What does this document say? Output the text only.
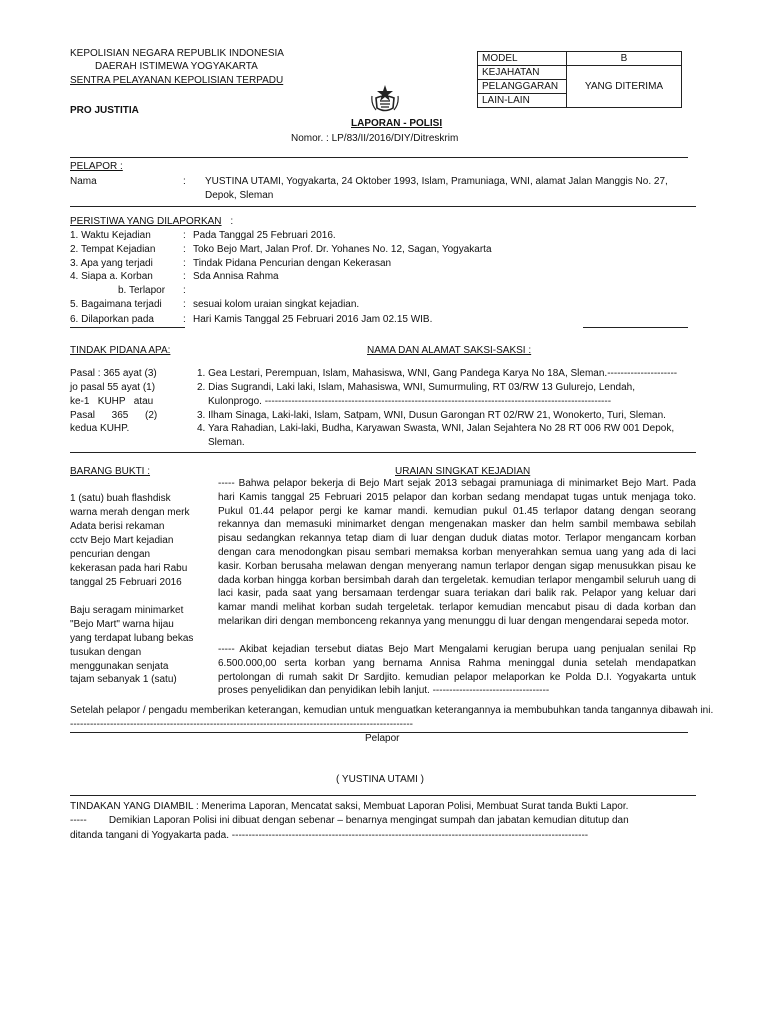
KEPOLISIAN NEGARA REPUBLIK INDONESIA
DAERAH ISTIMEWA YOGYAKARTA
SENTRA PELAYANAN KEPOLISIAN TERPADU
PRO JUSTITIA
LAPORAN - POLISI
Nomor. : LP/83/II/2016/DIY/Ditreskrim
MODEL	B
KEJAHATAN	YANG DITERIMA
PELANGGARAN	
LAIN-LAIN	
PELAPOR :
Nama	: YUSTINA UTAMI, Yogyakarta, 24 Oktober 1993, Islam, Pramuniaga, WNI, alamat Jalan Manggis No. 27,
Depok, Sleman
PERISTIWA YANG DILAPORKAN :
1. Waktu Kejadian	: Pada Tanggal 25 Februari 2016.
2. Tempat Kejadian	: Toko Bejo Mart, Jalan Prof. Dr. Yohanes No. 12, Sagan, Yogyakarta
3. Apa yang terjadi	: Tindak Pidana Pencurian dengan Kekerasan
4. Siapa a. Korban	: Sda Annisa Rahma
b. Terlapor :
5. Bagaimana terjadi : sesuai kolom uraian singkat kejadian.
6. Dilaporkan pada	: Hari Kamis Tanggal 25 Februari 2016 Jam 02.15 WIB.
TINDAK PIDANA APA:	NAMA DAN ALAMAT SAKSI-SAKSI :
Pasal : 365 ayat (3)
jo pasal 55 ayat (1)
ke-1   KUHP   atau
Pasal      365      (2)
kedua KUHP.
1. Gea Lestari, Perempuan, Islam, Mahasiswa, WNI, Gang Pandega Karya No 18A, Sleman.---------------------
2. Dias Sugrandi, Laki laki, Islam, Mahasiswa, WNI, Sumurmuling, RT 03/RW 13 Gulurejo, Lendah,
Kulonprogo. --------------------------------------------------------------------------------------------------------
3. Ilham Sinaga, Laki-laki, Islam, Satpam, WNI, Dusun Garongan RT 02/RW 21, Wonokerto, Turi, Sleman.
4. Yara Rahadian, Laki-laki, Budha, Karyawan Swasta, WNI, Jalan Sejahtera No 28 RT 006 RW 001 Depok,
Sleman.
BARANG BUKTI :
1 (satu) buah flashdisk
warna merah dengan merk
Adata berisi rekaman
cctv Bejo Mart kejadian
pencurian dengan
kekerasan pada hari Rabu
tanggal 25 Februari 2016
Baju seragam minimarket
"Bejo Mart" warna hijau
yang terdapat lubang bekas
tusukan dengan
menggunakan senjata
tajam sebanyak 1 (satu)
URAIAN SINGKAT KEJADIAN
----- Bahwa pelapor bekerja di Bejo Mart sejak 2013 sebagai pramuniaga di minimarket Bejo Mart. Pada hari Kamis tanggal 25 Februari 2015 pelapor dan korban sedang mendapat tugas untuk menjaga toko. Pukul 01.44 pelapor pergi ke kamar mandi. kemudian pukul 01.45 terlapor datang dengan seorang rekannya dan memasuki minimarket dengan mengenakan masker dan helm sambil membawa sebilah pisau sedangkan rekannya tetap diam di luar dengan duduk diatas motor. Terlapor mengancam korban dengan cara menodongkan pisau sembari memaksa korban menyerahkan semua uang yang ada di laci kasir. Korban berusaha melawan dengan menyerang namun terlapor dengan sigap menusukkan pisau ke dada korban hingga korban bersimbah darah dan tergeletak. kemudian terlapor mengambil seluruh uang di laci kasir, pada saat yang bersamaan terdengar suara teriakan dari balik rak. Pelapor yang keluar dari kamar mandi melihat korban sudah tergeletak. terlapor kemudian mencabut pisau di dada korban dan melarikan diri dengan membonceng rekannya yang menunggu di luar dengan mengendarai sepeda motor.
----- Akibat kejadian tersebut diatas Bejo Mart Mengalami kerugian berupa uang penjualan senilai Rp 6.500.000,00 serta korban yang bernama Annisa Rahma meninggal dunia setelah mendapatkan pertolongan di rumah sakit Dr Sardjito. kemudian pelapor melaporkan ke Polda D.I. Yogyakarta untuk proses penyelidikan dan penyidikan lebih lanjut. -----------------------------------
Setelah pelapor / pengadu memberikan keterangan, kemudian untuk menguatkan keterangannya ia membubuhkan tanda tangannya dibawah ini. -------------------------------------------------------------------------------------------------------
Pelapor
( YUSTINA UTAMI )
TINDAKAN YANG DIAMBIL : Menerima Laporan, Mencatat saksi, Membuat Laporan Polisi, Membuat Surat tanda Bukti Lapor.
-----        Demikian Laporan Polisi ini dibuat dengan sebenar – benarnya mengingat sumpah dan jabatan kemudian ditutup dan
ditanda tangani di Yogyakarta pada. -----------------------------------------------------------------------------------------------------------
